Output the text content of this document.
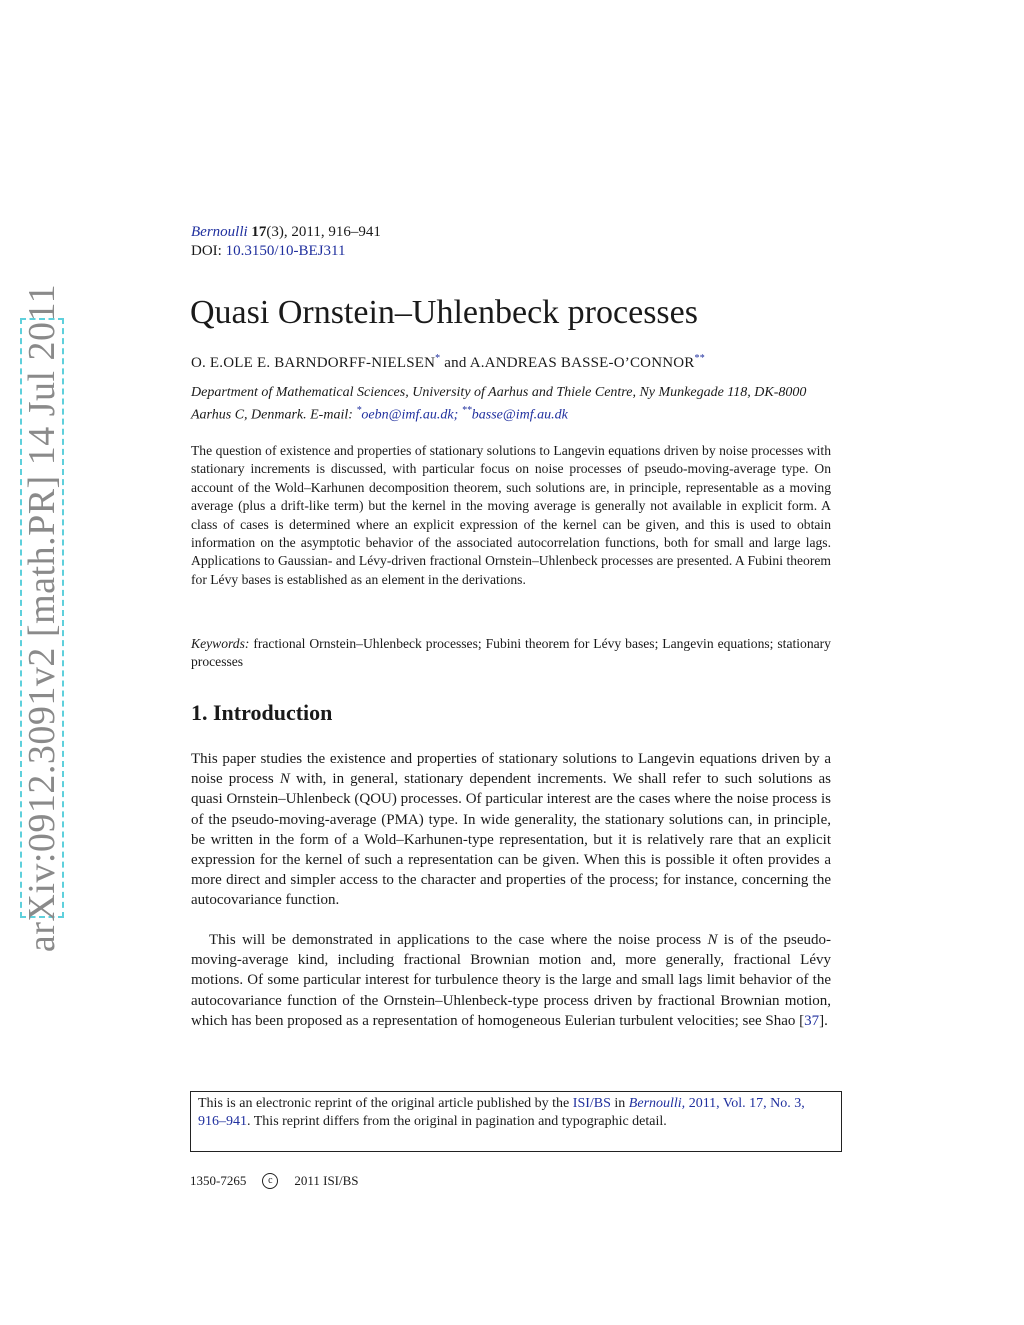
arXiv:0912.3091v2 [math.PR] 14 Jul 2011
Bernoulli 17(3), 2011, 916–941
DOI: 10.3150/10-BEJ311
Quasi Ornstein–Uhlenbeck processes
O. E.OLE E. BARNDORFF-NIELSEN* and A.ANDREAS BASSE-O’CONNOR**
Department of Mathematical Sciences, University of Aarhus and Thiele Centre, Ny Munkegade 118, DK-8000 Aarhus C, Denmark. E-mail: *oebn@imf.au.dk; **basse@imf.au.dk

The question of existence and properties of stationary solutions to Langevin equations driven by noise processes with stationary increments is discussed, with particular focus on noise processes of pseudo-moving-average type. On account of the Wold–Karhunen decomposition theorem, such solutions are, in principle, representable as a moving average (plus a drift-like term) but the kernel in the moving average is generally not available in explicit form. A class of cases is determined where an explicit expression of the kernel can be given, and this is used to obtain information on the asymptotic behavior of the associated autocorrelation functions, both for small and large lags. Applications to Gaussian- and Lévy-driven fractional Ornstein–Uhlenbeck processes are presented. A Fubini theorem for Lévy bases is established as an element in the derivations.

Keywords: fractional Ornstein–Uhlenbeck processes; Fubini theorem for Lévy bases; Langevin equations; stationary processes

1. Introduction

This paper studies the existence and properties of stationary solutions to Langevin equations driven by a noise process N with, in general, stationary dependent increments. We shall refer to such solutions as quasi Ornstein–Uhlenbeck (QOU) processes. Of particular interest are the cases where the noise process is of the pseudo-moving-average (PMA) type. In wide generality, the stationary solutions can, in principle, be written in the form of a Wold–Karhunen-type representation, but it is relatively rare that an explicit expression for the kernel of such a representation can be given. When this is possible it often provides a more direct and simpler access to the character and properties of the process; for instance, concerning the autocovariance function.

This will be demonstrated in applications to the case where the noise process N is of the pseudo-moving-average kind, including fractional Brownian motion and, more generally, fractional Lévy motions. Of some particular interest for turbulence theory is the large and small lags limit behavior of the autocovariance function of the Ornstein–Uhlenbeck-type process driven by fractional Brownian motion, which has been proposed as a representation of homogeneous Eulerian turbulent velocities; see Shao [37].

This is an electronic reprint of the original article published by the ISI/BS in Bernoulli, 2011, Vol. 17, No. 3, 916–941. This reprint differs from the original in pagination and typographic detail.
1350-7265	c	2011 ISI/BS
